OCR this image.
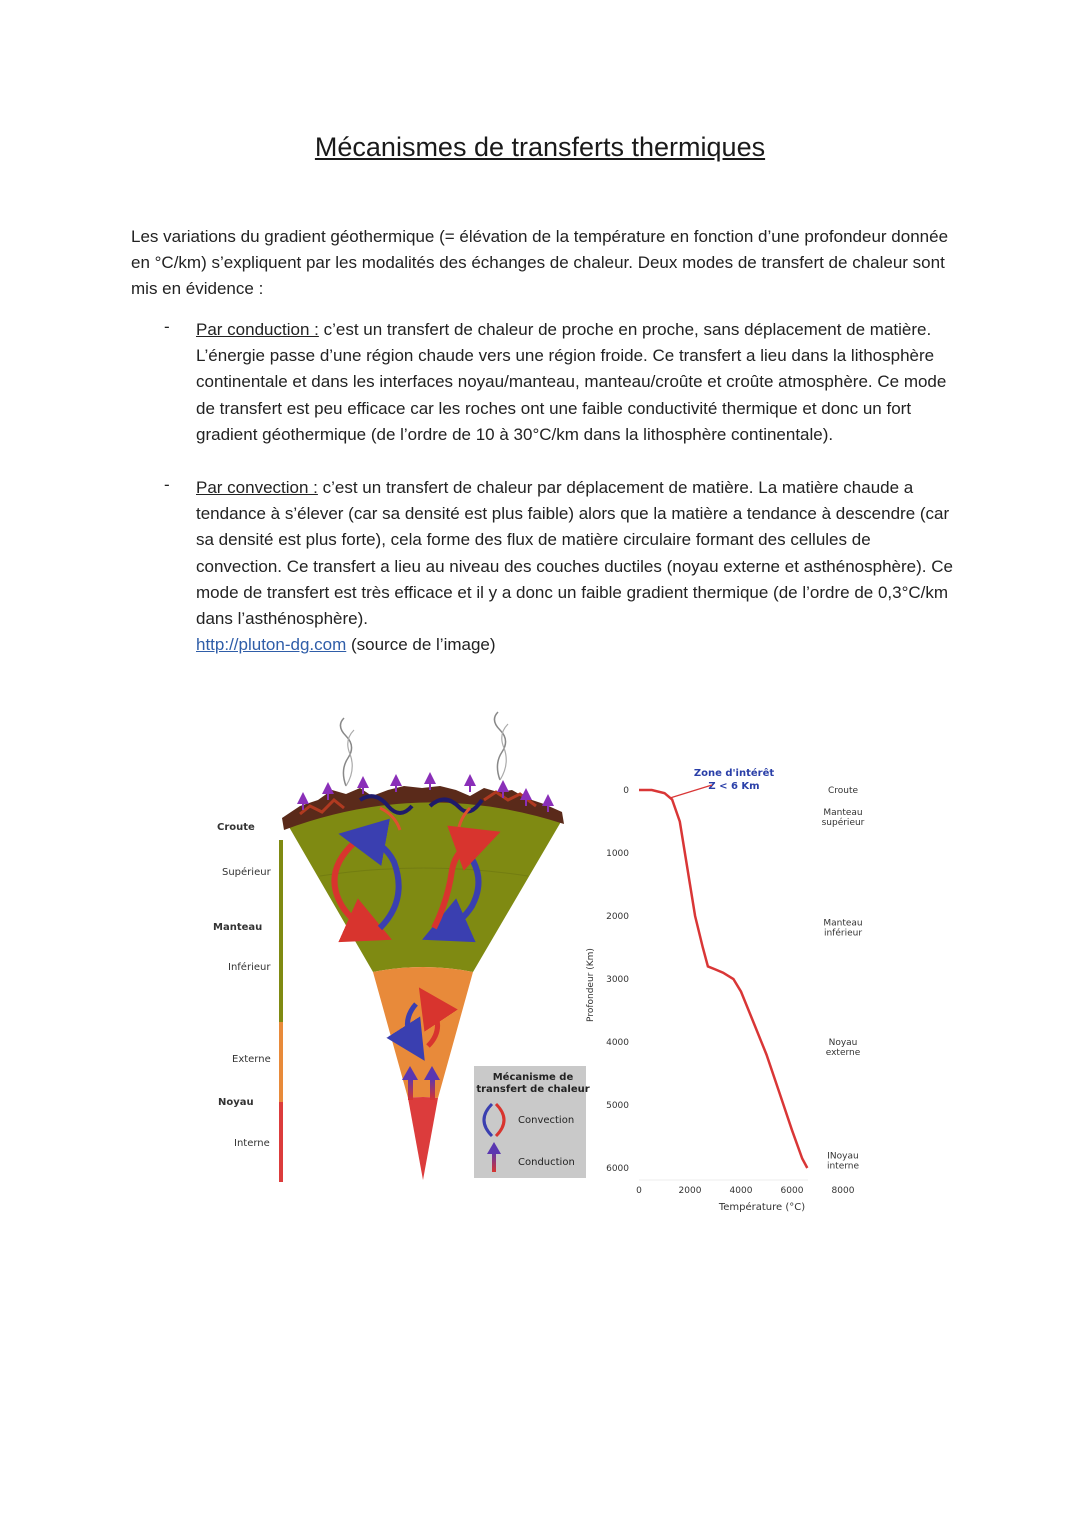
Mécanismes de transferts thermiques
Les variations du gradient géothermique (= élévation de la température en fonction d’une profondeur donnée en °C/km) s’expliquent par les modalités des échanges de chaleur. Deux modes de transfert de chaleur sont mis en évidence :
- Par conduction : c’est un transfert de chaleur de proche en proche, sans déplacement de matière. L’énergie passe d’une région chaude vers une région froide. Ce transfert a lieu dans la lithosphère continentale et dans les interfaces noyau/manteau, manteau/croûte et croûte atmosphère. Ce mode de transfert est peu efficace car les roches ont une faible conductivité thermique et donc un fort gradient géothermique (de l’ordre de 10 à 30°C/km dans la lithosphère continentale).
- Par convection : c’est un transfert de chaleur par déplacement de matière. La matière chaude a tendance à s’élever (car sa densité est plus faible) alors que la matière a tendance à descendre (car sa densité est plus forte), cela forme des flux de matière circulaire formant des cellules de convection. Ce transfert a lieu au niveau des couches ductiles (noyau externe et asthénosphère). Ce mode de transfert est très efficace et il y a donc un faible gradient thermique (de l’ordre de 0,3°C/km dans l’asthénosphère).
http://pluton-dg.com (source de l’image)
Croute
Supérieur
Manteau
Inférieur
Externe
Noyau
Interne
Mécanisme de
transfert de chaleur
Convection
Conduction
Profondeur (Km)
Température (°C)
Zone d'intérêt
Z < 6 Km
0
1000
2000
3000
4000
5000
6000
0	2000	4000	6000	8000
Croute
Manteau
supérieur
Manteau
inférieur
Noyau
externe
INoyau
interne
